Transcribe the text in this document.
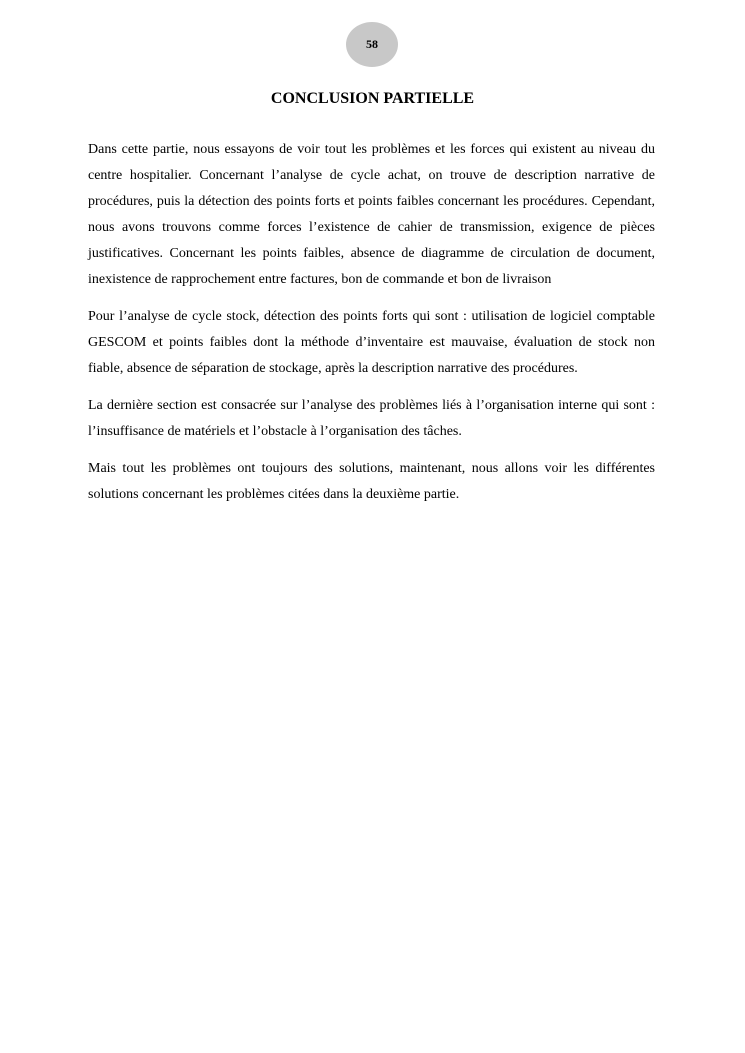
58
CONCLUSION PARTIELLE

Dans cette partie, nous essayons de voir tout les problèmes et les forces qui existent au niveau du centre hospitalier. Concernant l’analyse de cycle achat, on trouve de description narrative de procédures, puis la détection des points forts et points faibles concernant les procédures. Cependant, nous avons trouvons comme forces l’existence de cahier de transmission, exigence de pièces justificatives. Concernant les points faibles, absence de diagramme de circulation de document, inexistence de rapprochement entre factures, bon de commande et bon de livraison

Pour l’analyse de cycle stock, détection des points forts qui sont : utilisation de logiciel comptable GESCOM et points faibles dont la méthode d’inventaire est mauvaise, évaluation de stock non fiable, absence de séparation de stockage, après la description narrative des procédures.

La dernière section est consacrée sur l’analyse des problèmes liés à l’organisation interne qui sont : l’insuffisance de matériels et l’obstacle à l’organisation des tâches.

Mais tout les problèmes ont toujours des solutions, maintenant, nous allons voir les différentes solutions concernant les problèmes citées dans la deuxième partie.
